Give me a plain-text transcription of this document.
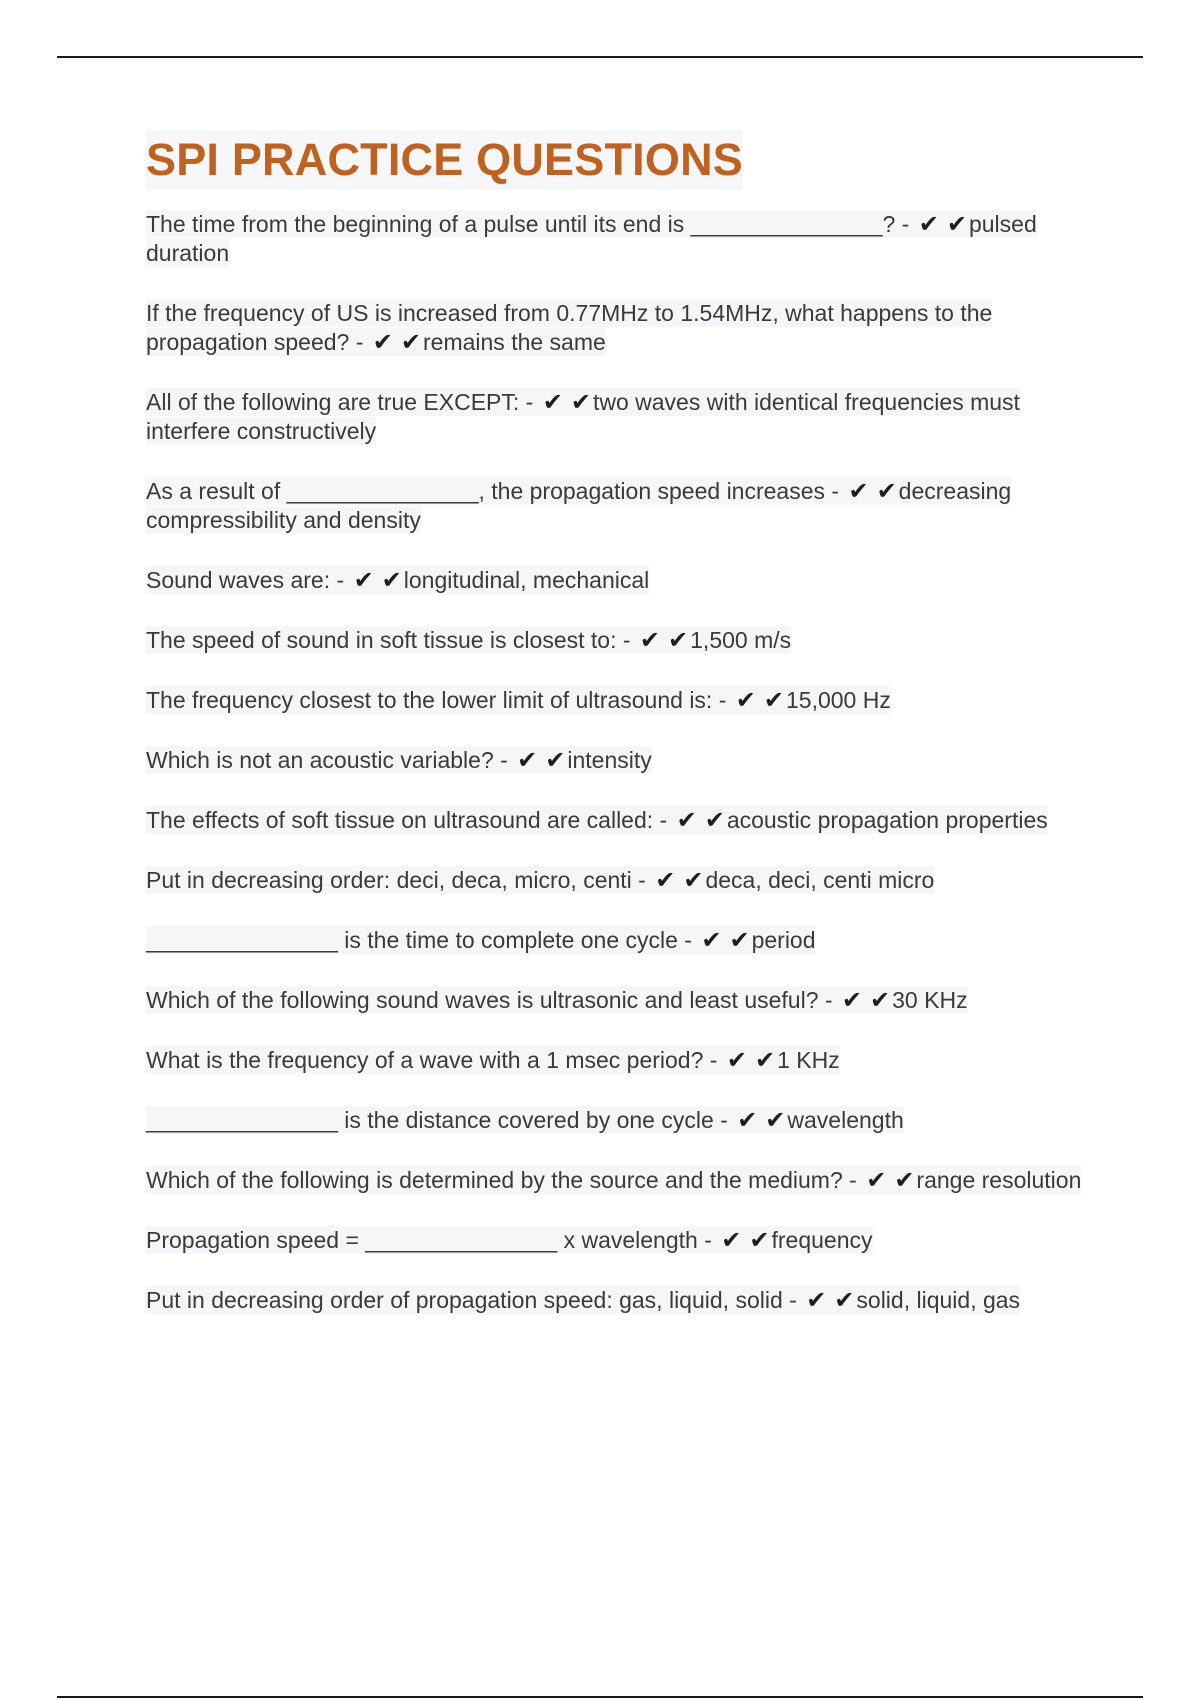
SPI PRACTICE QUESTIONS
The time from the beginning of a pulse until its end is _______________? - ✔ ✔pulsed duration
If the frequency of US is increased from 0.77MHz to 1.54MHz, what happens to the propagation speed? - ✔ ✔remains the same
All of the following are true EXCEPT: - ✔ ✔two waves with identical frequencies must interfere constructively
As a result of _______________, the propagation speed increases - ✔ ✔decreasing compressibility and density
Sound waves are: - ✔ ✔longitudinal, mechanical
The speed of sound in soft tissue is closest to: - ✔ ✔1,500 m/s
The frequency closest to the lower limit of ultrasound is: - ✔ ✔15,000 Hz
Which is not an acoustic variable? - ✔ ✔intensity
The effects of soft tissue on ultrasound are called: - ✔ ✔acoustic propagation properties
Put in decreasing order: deci, deca, micro, centi - ✔ ✔deca, deci, centi micro
_______________ is the time to complete one cycle - ✔ ✔period
Which of the following sound waves is ultrasonic and least useful? - ✔ ✔30 KHz
What is the frequency of a wave with a 1 msec period? - ✔ ✔1 KHz
_______________ is the distance covered by one cycle - ✔ ✔wavelength
Which of the following is determined by the source and the medium? - ✔ ✔range resolution
Propagation speed = _______________ x wavelength - ✔ ✔frequency
Put in decreasing order of propagation speed: gas, liquid, solid - ✔ ✔solid, liquid, gas
